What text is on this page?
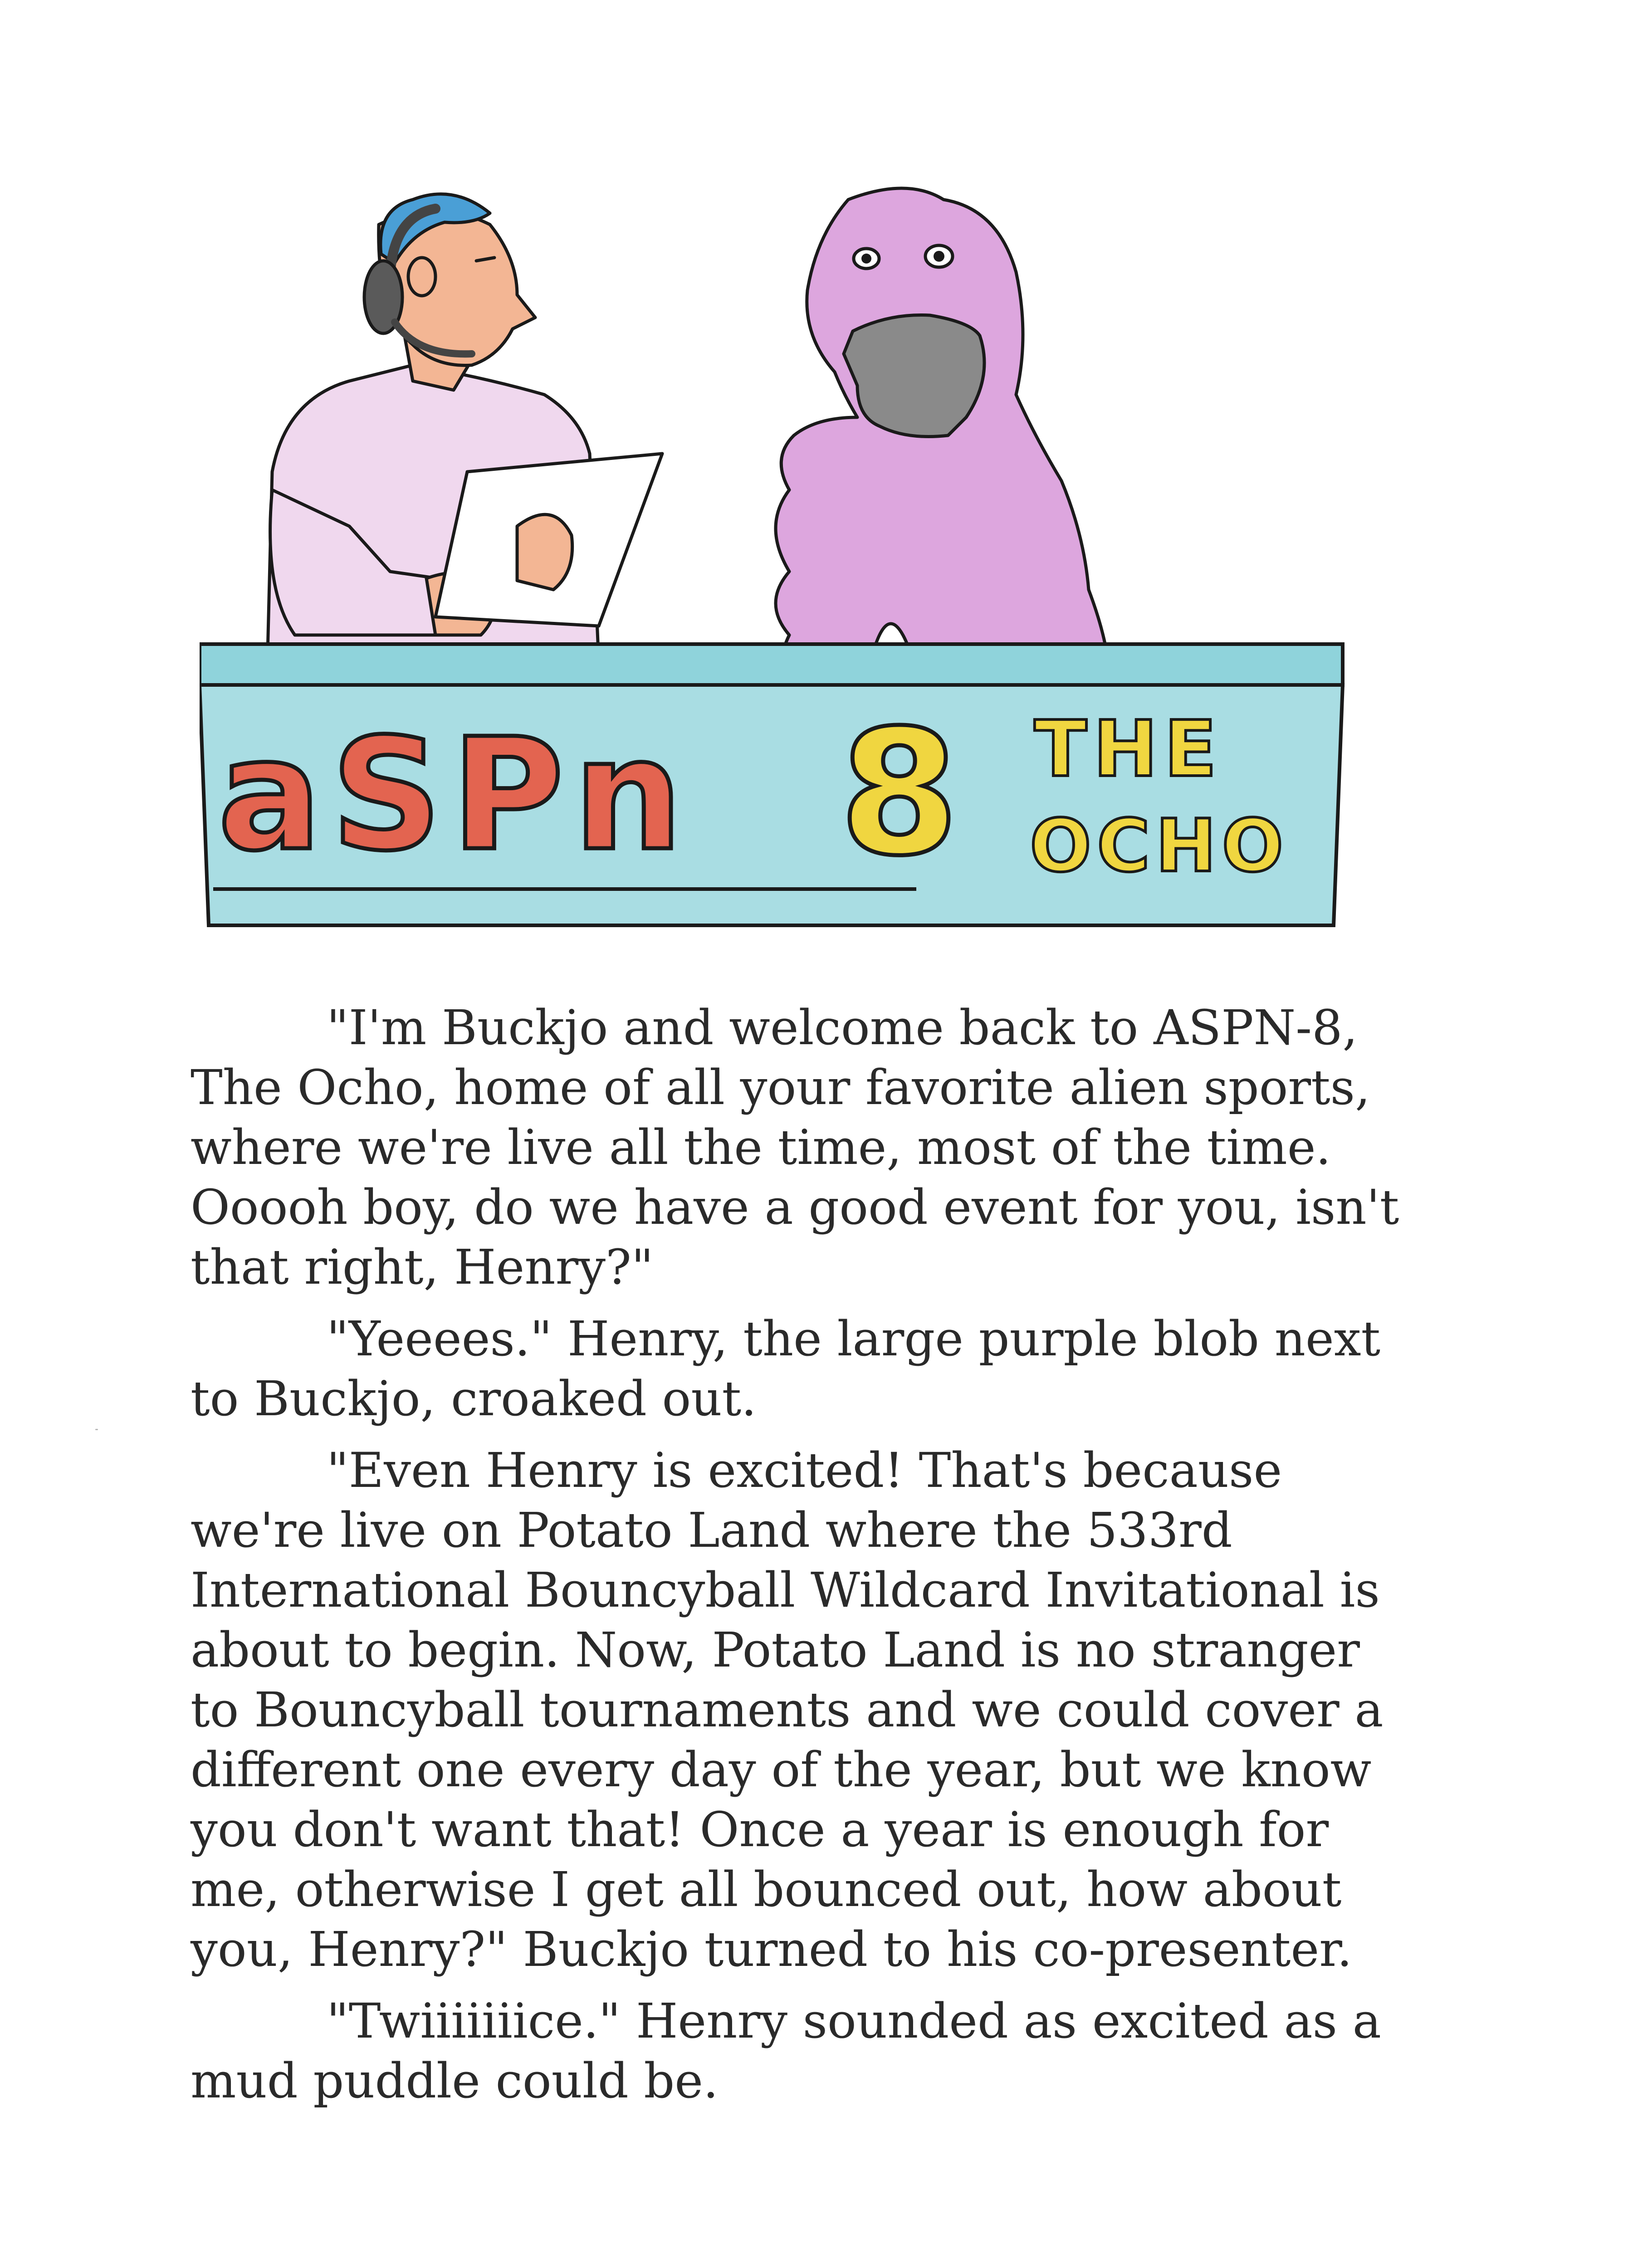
aSPn 8 THE
OCHO

"I'm Buckjo and welcome back to ASPN-8, The Ocho, home of all your favorite alien sports, where we're live all the time, most of the time. Ooooh boy, do we have a good event for you, isn't that right, Henry?"

"Yeeees." Henry, the large purple blob next to Buckjo, croaked out.

"Even Henry is excited! That's because we're live on Potato Land where the 533rd International Bouncyball Wildcard Invitational is about to begin. Now, Potato Land is no stranger to Bouncyball tournaments and we could cover a different one every day of the year, but we know you don't want that! Once a year is enough for me, otherwise I get all bounced out, how about you, Henry?" Buckjo turned to his co-presenter.

"Twiiiiiiice." Henry sounded as excited as a mud puddle could be.
